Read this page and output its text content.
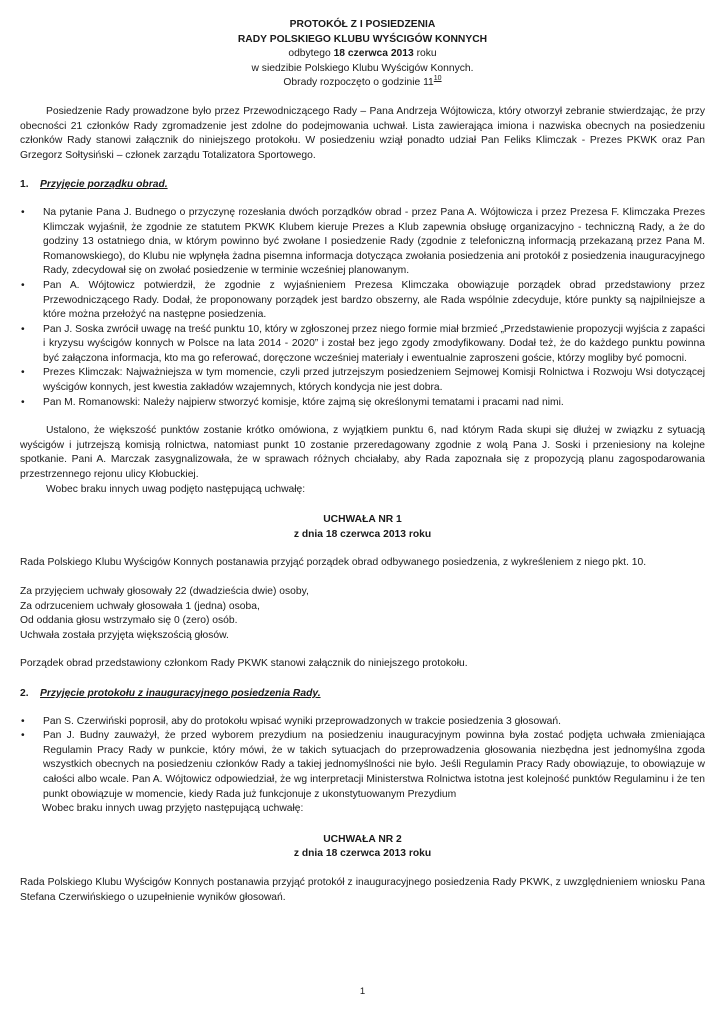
PROTOKÓŁ Z I POSIEDZENIA

RADY POLSKIEGO KLUBU WYŚCIGÓW KONNYCH

odbytego 18 czerwca 2013 roku

w siedzibie Polskiego Klubu Wyścigów Konnych.

Obrady rozpoczęto o godzinie $11^{10}$

Posiedzenie Rady prowadzone było przez Przewodniczącego Rady – Pana Andrzeja Wójtowicza, który otworzył zebranie stwierdzając, że przy obecności 21 członków Rady zgromadzenie jest zdolne do podejmowania uchwał. Lista zawierająca imiona i nazwiska obecnych na posiedzeniu członków Rady stanowi załącznik do niniejszego protokołu. W posiedzeniu wziął ponadto udział Pan Feliks Klimczak - Prezes PKWK oraz Pan Grzegorz Sołtysiński – członek zarządu Totalizatora Sportowego.

1.	Przyjęcie porządku obrad.
•	Na pytanie Pana J. Budnego o przyczynę rozesłania dwóch porządków obrad - przez Pana A. Wójtowicza i przez Prezesa F. Klimczaka Prezes Klimczak wyjaśnił, że zgodnie ze statutem PKWK Klubem kieruje Prezes a Klub zapewnia obsługę organizacyjno - techniczną Rady, a że do godziny 13 ostatniego dnia, w którym powinno być zwołane I posiedzenie Rady (zgodnie z telefoniczną informacją przekazaną przez Pana M. Romanowskiego), do Klubu nie wpłynęła żadna pisemna informacja dotycząca zwołania posiedzenia ani protokół z posiedzenia inauguracyjnego Rady, zdecydował się on zwołać posiedzenie w terminie wcześniej planowanym.
•	Pan A. Wójtowicz potwierdził, że zgodnie z wyjaśnieniem Prezesa Klimczaka obowiązuje porządek obrad przedstawiony przez Przewodniczącego Rady. Dodał, że proponowany porządek jest bardzo obszerny, ale Rada wspólnie zdecyduje, które punkty są najpilniejsze a które można przełożyć na następne posiedzenia.
•	Pan J. Soska zwrócił uwagę na treść punktu 10, który w zgłoszonej przez niego formie miał brzmieć „Przedstawienie propozycji wyjścia z zapaści i kryzysu wyścigów konnych w Polsce na lata 2014 - 2020” i został bez jego zgody zmodyfikowany. Dodał też, że do każdego punktu powinna być załączona informacja, kto ma go referować, doręczone wcześniej materiały i ewentualnie zaproszeni goście, którzy mogliby być pomocni.
•	Prezes Klimczak: Najważniejsza w tym momencie, czyli przed jutrzejszym posiedzeniem Sejmowej Komisji Rolnictwa i Rozwoju Wsi dotyczącej wyścigów konnych, jest kwestia zakładów wzajemnych, których kondycja nie jest dobra.
•	Pan M. Romanowski: Należy najpierw stworzyć komisje, które zajmą się określonymi tematami i pracami nad nimi.

Ustalono, że większość punktów zostanie krótko omówiona, z wyjątkiem punktu 6, nad którym Rada skupi się dłużej w związku z sytuacją wyścigów i jutrzejszą komisją rolnictwa, natomiast punkt 10 zostanie przeredagowany zgodnie z wolą Pana J. Soski i przeniesiony na kolejne spotkanie. Pani A. Marczak zasygnalizowała, że w sprawach różnych chciałaby, aby Rada zapoznała się z propozycją planu zagospodarowania przestrzennego rejonu ulicy Kłobuckiej.

Wobec braku innych uwag podjęto następującą uchwałę:

UCHWAŁA NR 1

z dnia 18 czerwca 2013 roku

Rada Polskiego Klubu Wyścigów Konnych postanawia przyjąć porządek obrad odbywanego posiedzenia, z wykreśleniem z niego pkt. 10.

Za przyjęciem uchwały głosowały 22 (dwadzieścia dwie) osoby,

Za odrzuceniem uchwały głosowała 1 (jedna) osoba,

Od oddania głosu wstrzymało się 0 (zero) osób.

Uchwała została przyjęta większością głosów.

Porządek obrad przedstawiony członkom Rady PKWK stanowi załącznik do niniejszego protokołu.

2.	Przyjęcie protokołu z inauguracyjnego posiedzenia Rady.
•	Pan S. Czerwiński poprosił, aby do protokołu wpisać wyniki przeprowadzonych w trakcie posiedzenia 3 głosowań.
•	Pan J. Budny zauważył, że przed wyborem prezydium na posiedzeniu inauguracyjnym powinna była zostać podjęta uchwała zmieniająca Regulamin Pracy Rady w punkcie, który mówi, że w takich sytuacjach do przeprowadzenia głosowania niezbędna jest jednomyślna zgoda wszystkich obecnych na posiedzeniu członków Rady a takiej jednomyślności nie było. Jeśli Regulamin Pracy Rady obowiązuje, to obowiązuje w całości albo wcale. Pan A. Wójtowicz odpowiedział, że wg interpretacji Ministerstwa Rolnictwa istotna jest kolejność punktów Regulaminu i że ten punkt obowiązuje w momencie, kiedy Rada już funkcjonuje z ukonstytuowanym Prezydium

Wobec braku innych uwag przyjęto następującą uchwałę:

UCHWAŁA NR 2

z dnia 18 czerwca 2013 roku

Rada Polskiego Klubu Wyścigów Konnych postanawia przyjąć protokół z inauguracyjnego posiedzenia Rady PKWK, z uwzględnieniem wniosku Pana Stefana Czerwińskiego o uzupełnienie wyników głosowań.

1
